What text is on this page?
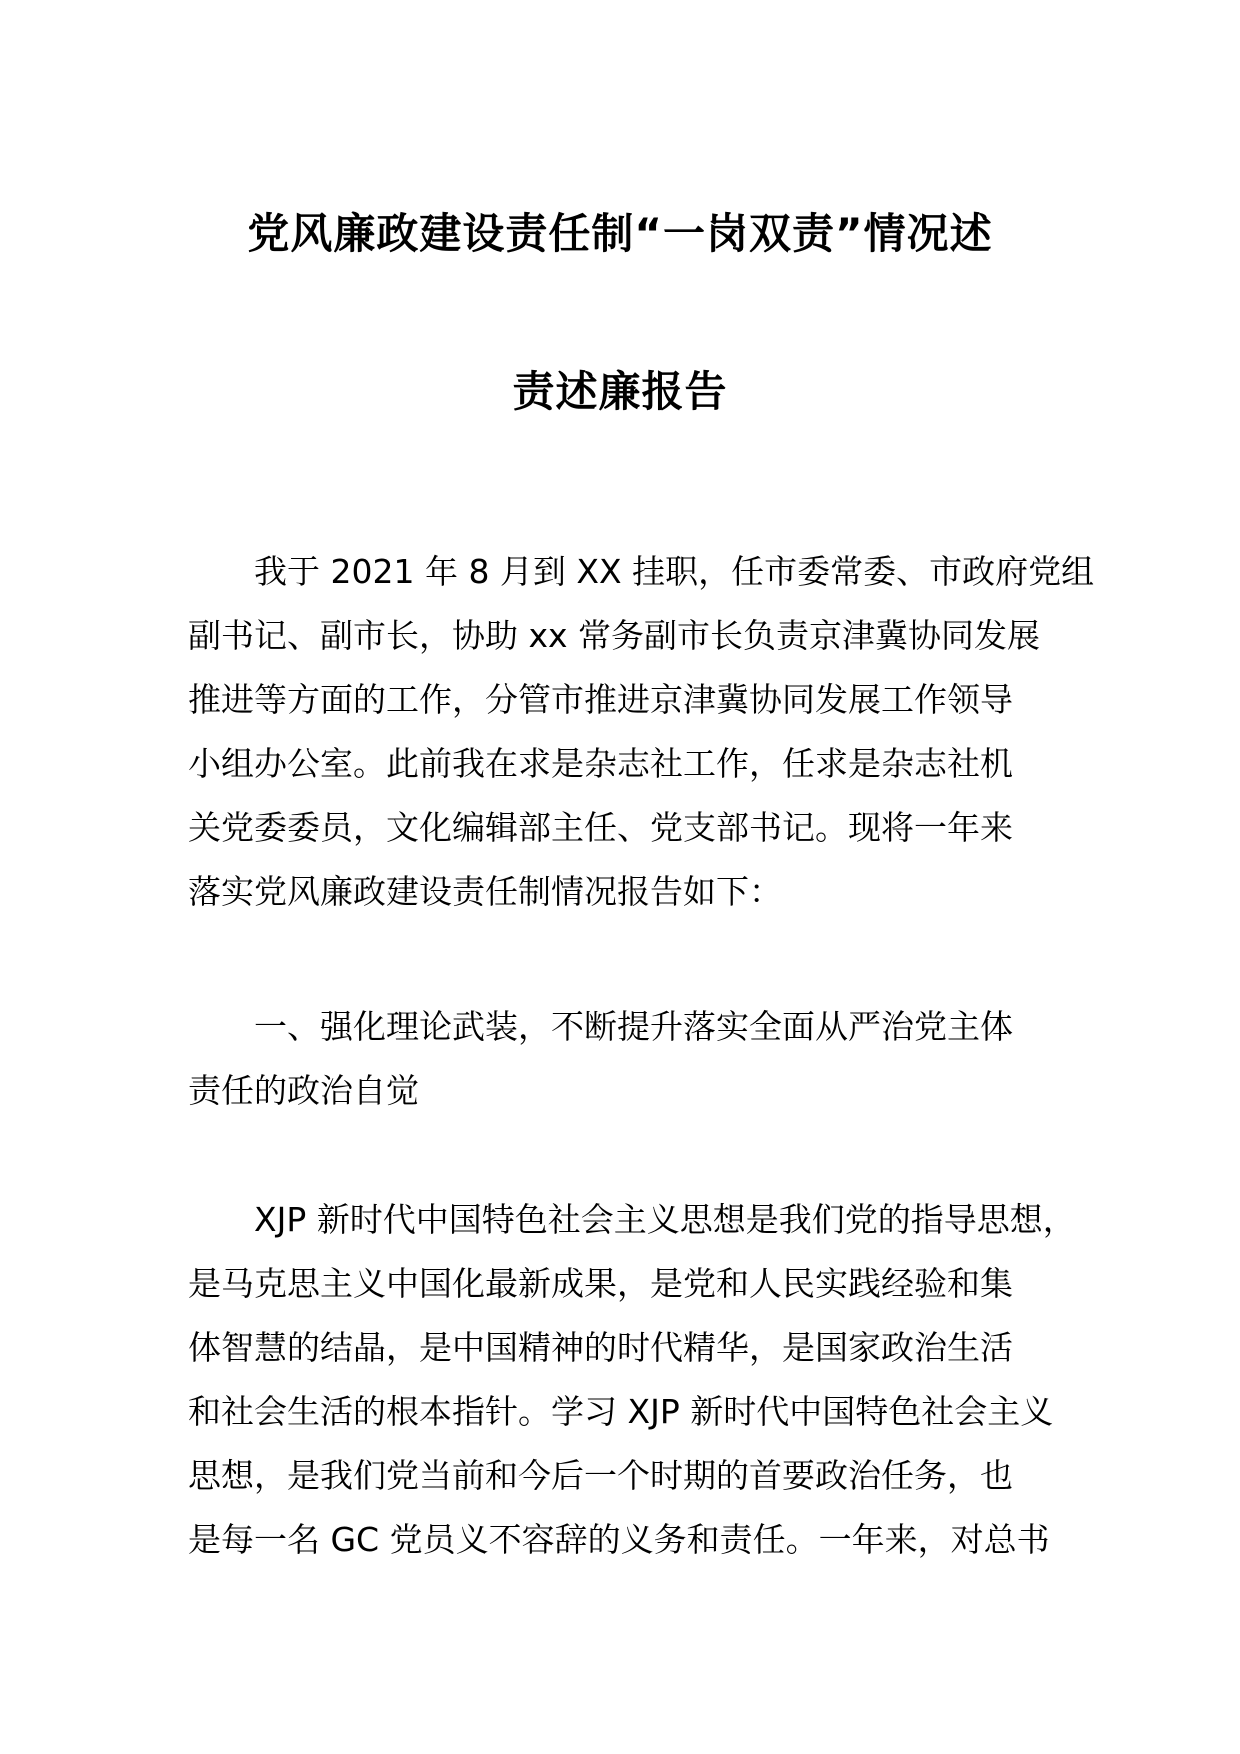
党风廉政建设责任制“一岗双责”情况述
责述廉报告
我于 2021 年 8 月到 XX 挂职，任市委常委、市政府党组
副书记、副市长，协助 xx 常务副市长负责京津冀协同发展
推进等方面的工作，分管市推进京津冀协同发展工作领导
小组办公室。此前我在求是杂志社工作，任求是杂志社机
关党委委员，文化编辑部主任、党支部书记。现将一年来
落实党风廉政建设责任制情况报告如下：
一、强化理论武装，不断提升落实全面从严治党主体
责任的政治自觉
XJP 新时代中国特色社会主义思想是我们党的指导思想，
是马克思主义中国化最新成果，是党和人民实践经验和集
体智慧的结晶，是中国精神的时代精华，是国家政治生活
和社会生活的根本指针。学习 XJP 新时代中国特色社会主义
思想，是我们党当前和今后一个时期的首要政治任务，也
是每一名 GC 党员义不容辞的义务和责任。一年来，对总书
